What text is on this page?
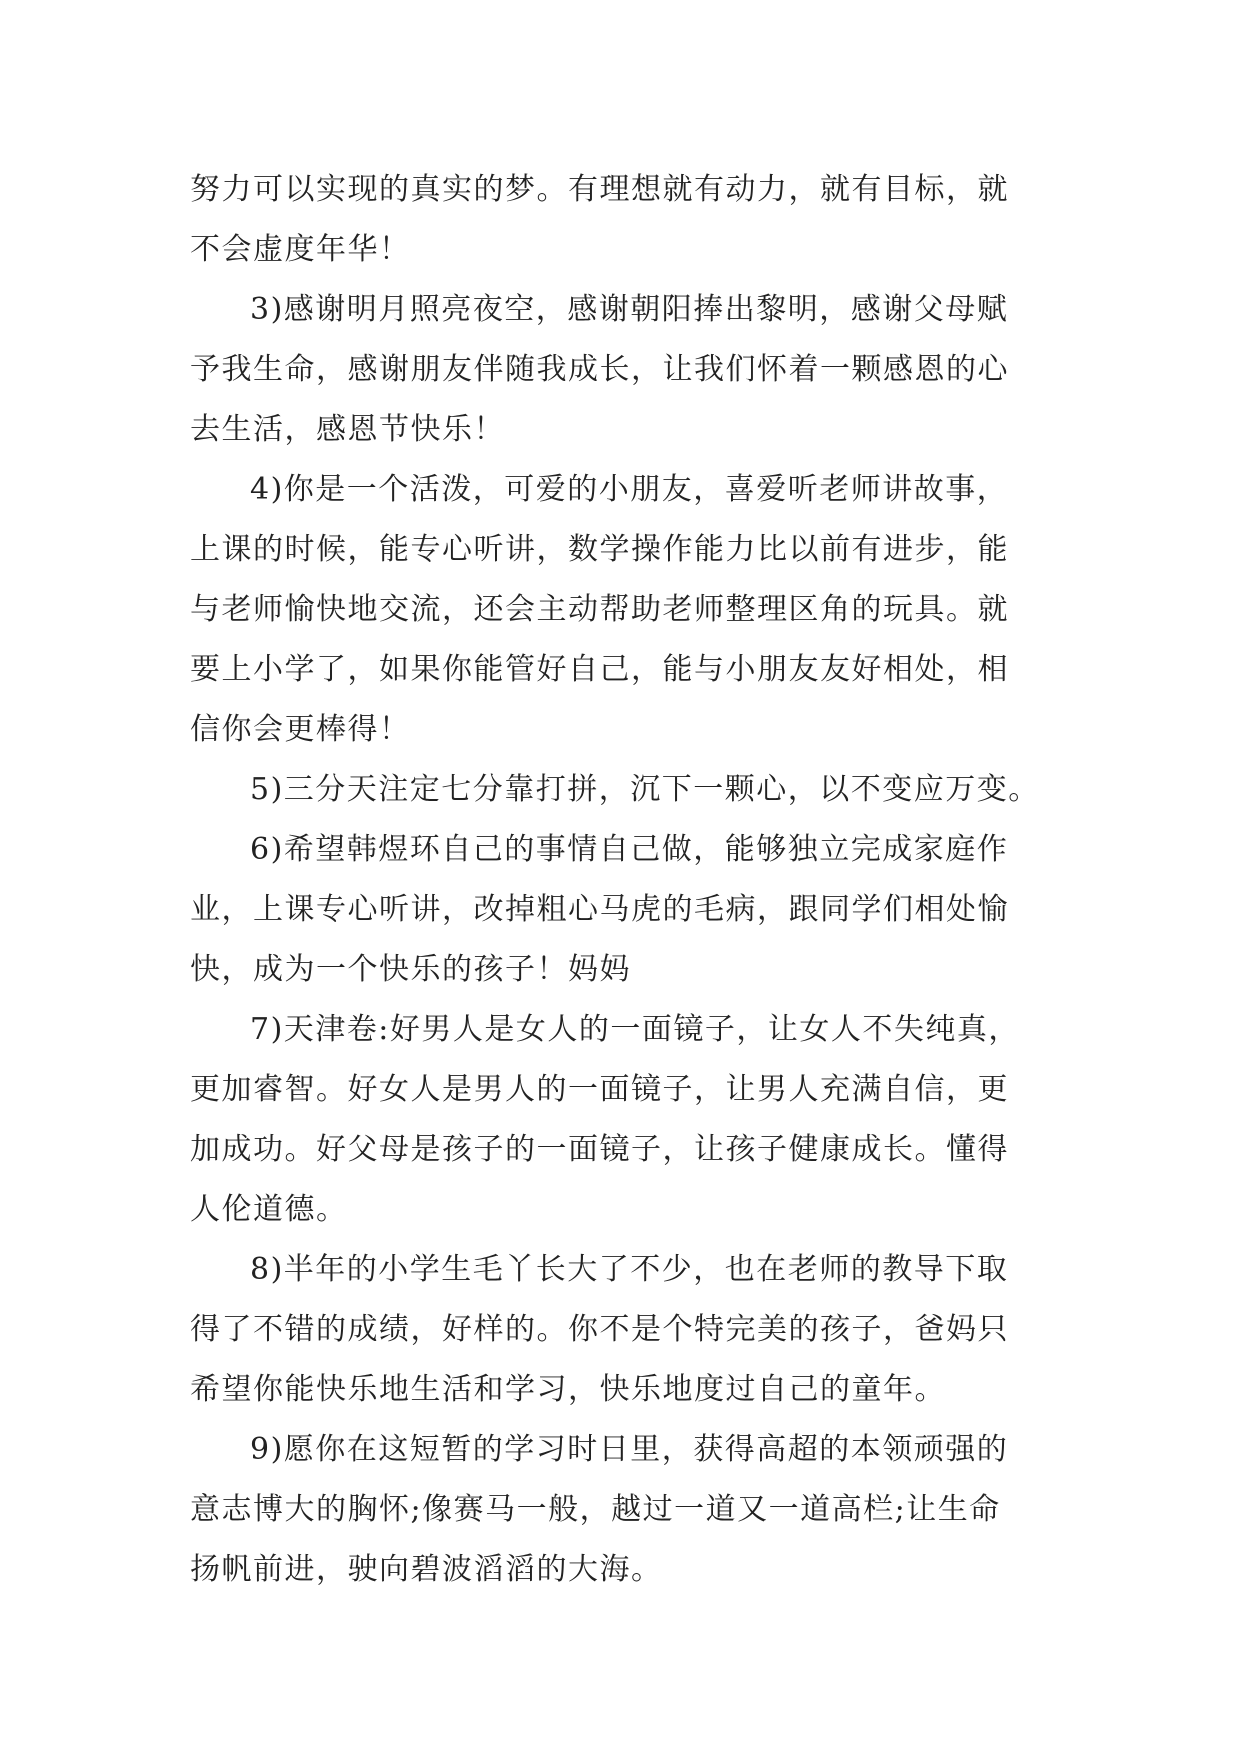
努力可以实现的真实的梦。有理想就有动力，就有目标，就
不会虚度年华！
3)感谢明月照亮夜空，感谢朝阳捧出黎明，感谢父母赋
予我生命，感谢朋友伴随我成长，让我们怀着一颗感恩的心
去生活，感恩节快乐！
4)你是一个活泼，可爱的小朋友，喜爱听老师讲故事，
上课的时候，能专心听讲，数学操作能力比以前有进步，能
与老师愉快地交流，还会主动帮助老师整理区角的玩具。就
要上小学了，如果你能管好自己，能与小朋友友好相处，相
信你会更棒得！
5)三分天注定七分靠打拼，沉下一颗心，以不变应万变。
6)希望韩煜环自己的事情自己做，能够独立完成家庭作
业，上课专心听讲，改掉粗心马虎的毛病，跟同学们相处愉
快，成为一个快乐的孩子！妈妈
7)天津卷:好男人是女人的一面镜子，让女人不失纯真，
更加睿智。好女人是男人的一面镜子，让男人充满自信，更
加成功。好父母是孩子的一面镜子，让孩子健康成长。懂得
人伦道德。
8)半年的小学生毛丫长大了不少，也在老师的教导下取
得了不错的成绩，好样的。你不是个特完美的孩子，爸妈只
希望你能快乐地生活和学习，快乐地度过自己的童年。
9)愿你在这短暂的学习时日里，获得高超的本领顽强的
意志博大的胸怀;像赛马一般，越过一道又一道高栏;让生命
扬帆前进，驶向碧波滔滔的大海。
